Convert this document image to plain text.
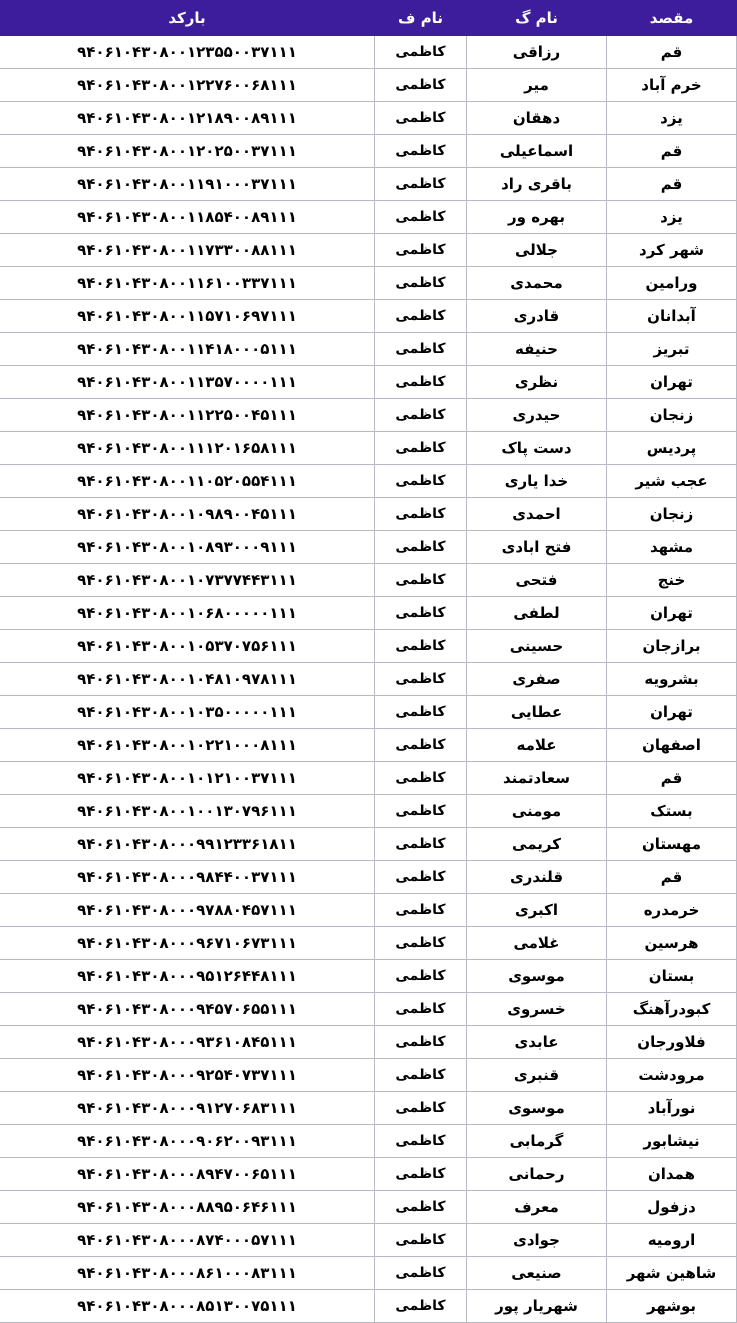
مقصد	نام گ	نام ف	بارکد
قم	رزاقی	کاظمی	۹۴۰۶۱۰۴۳۰۸۰۰۱۲۳۵۵۰۰۳۷۱۱۱
خرم آباد	میر	کاظمی	۹۴۰۶۱۰۴۳۰۸۰۰۱۲۲۷۶۰۰۶۸۱۱۱
یزد	دهقان	کاظمی	۹۴۰۶۱۰۴۳۰۸۰۰۱۲۱۸۹۰۰۸۹۱۱۱
قم	اسماعیلی	کاظمی	۹۴۰۶۱۰۴۳۰۸۰۰۱۲۰۲۵۰۰۳۷۱۱۱
قم	باقری راد	کاظمی	۹۴۰۶۱۰۴۳۰۸۰۰۱۱۹۱۰۰۰۳۷۱۱۱
یزد	بهره ور	کاظمی	۹۴۰۶۱۰۴۳۰۸۰۰۱۱۸۵۴۰۰۸۹۱۱۱
شهر کرد	جلالی	کاظمی	۹۴۰۶۱۰۴۳۰۸۰۰۱۱۷۳۳۰۰۸۸۱۱۱
ورامین	محمدی	کاظمی	۹۴۰۶۱۰۴۳۰۸۰۰۱۱۶۱۰۰۳۳۷۱۱۱
آبدانان	قادری	کاظمی	۹۴۰۶۱۰۴۳۰۸۰۰۱۱۵۷۱۰۶۹۷۱۱۱
تبریز	حنیفه	کاظمی	۹۴۰۶۱۰۴۳۰۸۰۰۱۱۴۱۸۰۰۰۵۱۱۱
تهران	نظری	کاظمی	۹۴۰۶۱۰۴۳۰۸۰۰۱۱۳۵۷۰۰۰۰۱۱۱
زنجان	حیدری	کاظمی	۹۴۰۶۱۰۴۳۰۸۰۰۱۱۲۲۵۰۰۴۵۱۱۱
پردیس	دست پاک	کاظمی	۹۴۰۶۱۰۴۳۰۸۰۰۱۱۱۲۰۱۶۵۸۱۱۱
عجب شیر	خدا یاری	کاظمی	۹۴۰۶۱۰۴۳۰۸۰۰۱۱۰۵۲۰۵۵۴۱۱۱
زنجان	احمدی	کاظمی	۹۴۰۶۱۰۴۳۰۸۰۰۱۰۹۸۹۰۰۴۵۱۱۱
مشهد	فتح ابادی	کاظمی	۹۴۰۶۱۰۴۳۰۸۰۰۱۰۸۹۳۰۰۰۹۱۱۱
خنج	فتحی	کاظمی	۹۴۰۶۱۰۴۳۰۸۰۰۱۰۷۳۷۷۴۴۳۱۱۱
تهران	لطفی	کاظمی	۹۴۰۶۱۰۴۳۰۸۰۰۱۰۶۸۰۰۰۰۰۱۱۱
برازجان	حسینی	کاظمی	۹۴۰۶۱۰۴۳۰۸۰۰۱۰۵۳۷۰۷۵۶۱۱۱
بشرویه	صفری	کاظمی	۹۴۰۶۱۰۴۳۰۸۰۰۱۰۴۸۱۰۹۷۸۱۱۱
تهران	عطایی	کاظمی	۹۴۰۶۱۰۴۳۰۸۰۰۱۰۳۵۰۰۰۰۰۱۱۱
اصفهان	علامه	کاظمی	۹۴۰۶۱۰۴۳۰۸۰۰۱۰۲۲۱۰۰۰۸۱۱۱
قم	سعادتمند	کاظمی	۹۴۰۶۱۰۴۳۰۸۰۰۱۰۱۲۱۰۰۳۷۱۱۱
بستک	مومنی	کاظمی	۹۴۰۶۱۰۴۳۰۸۰۰۱۰۰۱۳۰۷۹۶۱۱۱
مهستان	کریمی	کاظمی	۹۴۰۶۱۰۴۳۰۸۰۰۰۹۹۱۲۳۳۶۱۸۱۱
قم	قلندری	کاظمی	۹۴۰۶۱۰۴۳۰۸۰۰۰۹۸۴۴۰۰۳۷۱۱۱
خرمدره	اکبری	کاظمی	۹۴۰۶۱۰۴۳۰۸۰۰۰۹۷۸۸۰۴۵۷۱۱۱
هرسین	غلامی	کاظمی	۹۴۰۶۱۰۴۳۰۸۰۰۰۹۶۷۱۰۶۷۳۱۱۱
بستان	موسوی	کاظمی	۹۴۰۶۱۰۴۳۰۸۰۰۰۹۵۱۲۶۴۴۸۱۱۱
کبودرآهنگ	خسروی	کاظمی	۹۴۰۶۱۰۴۳۰۸۰۰۰۹۴۵۷۰۶۵۵۱۱۱
فلاورجان	عابدی	کاظمی	۹۴۰۶۱۰۴۳۰۸۰۰۰۹۳۶۱۰۸۴۵۱۱۱
مرودشت	قنبری	کاظمی	۹۴۰۶۱۰۴۳۰۸۰۰۰۹۲۵۴۰۷۳۷۱۱۱
نورآباد	موسوی	کاظمی	۹۴۰۶۱۰۴۳۰۸۰۰۰۹۱۲۷۰۶۸۳۱۱۱
نیشابور	گرمابی	کاظمی	۹۴۰۶۱۰۴۳۰۸۰۰۰۹۰۶۲۰۰۹۳۱۱۱
همدان	رحمانی	کاظمی	۹۴۰۶۱۰۴۳۰۸۰۰۰۸۹۴۷۰۰۶۵۱۱۱
دزفول	معرف	کاظمی	۹۴۰۶۱۰۴۳۰۸۰۰۰۸۸۹۵۰۶۴۶۱۱۱
ارومیه	جوادی	کاظمی	۹۴۰۶۱۰۴۳۰۸۰۰۰۸۷۴۰۰۰۵۷۱۱۱
شاهین شهر	صنیعی	کاظمی	۹۴۰۶۱۰۴۳۰۸۰۰۰۸۶۱۰۰۰۸۳۱۱۱
بوشهر	شهریار پور	کاظمی	۹۴۰۶۱۰۴۳۰۸۰۰۰۸۵۱۳۰۰۷۵۱۱۱
